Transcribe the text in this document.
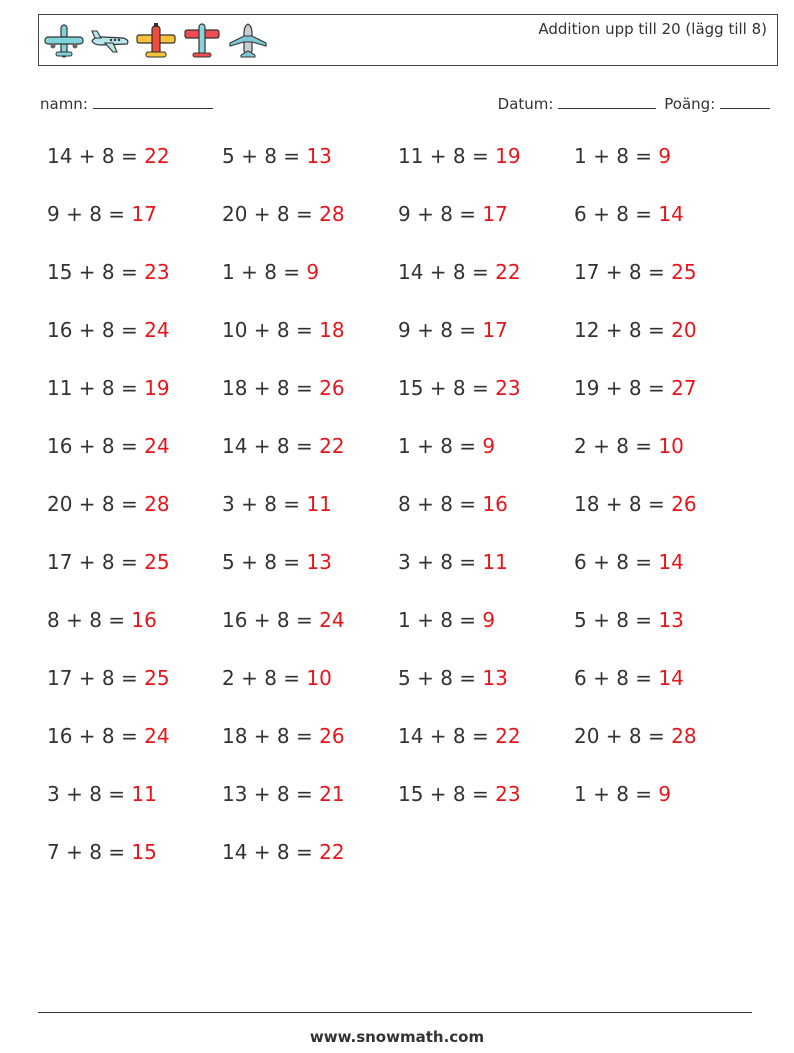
Addition upp till 20 (lägg till 8)
namn:	Datum:	Poäng:
14 + 8 = 22	5 + 8 = 13	11 + 8 = 19	1 + 8 = 9
9 + 8 = 17	20 + 8 = 28	9 + 8 = 17	6 + 8 = 14
15 + 8 = 23	1 + 8 = 9	14 + 8 = 22	17 + 8 = 25
16 + 8 = 24	10 + 8 = 18	9 + 8 = 17	12 + 8 = 20
11 + 8 = 19	18 + 8 = 26	15 + 8 = 23	19 + 8 = 27
16 + 8 = 24	14 + 8 = 22	1 + 8 = 9	2 + 8 = 10
20 + 8 = 28	3 + 8 = 11	8 + 8 = 16	18 + 8 = 26
17 + 8 = 25	5 + 8 = 13	3 + 8 = 11	6 + 8 = 14
8 + 8 = 16	16 + 8 = 24	1 + 8 = 9	5 + 8 = 13
17 + 8 = 25	2 + 8 = 10	5 + 8 = 13	6 + 8 = 14
16 + 8 = 24	18 + 8 = 26	14 + 8 = 22	20 + 8 = 28
3 + 8 = 11	13 + 8 = 21	15 + 8 = 23	1 + 8 = 9
7 + 8 = 15	14 + 8 = 22
www.snowmath.com
